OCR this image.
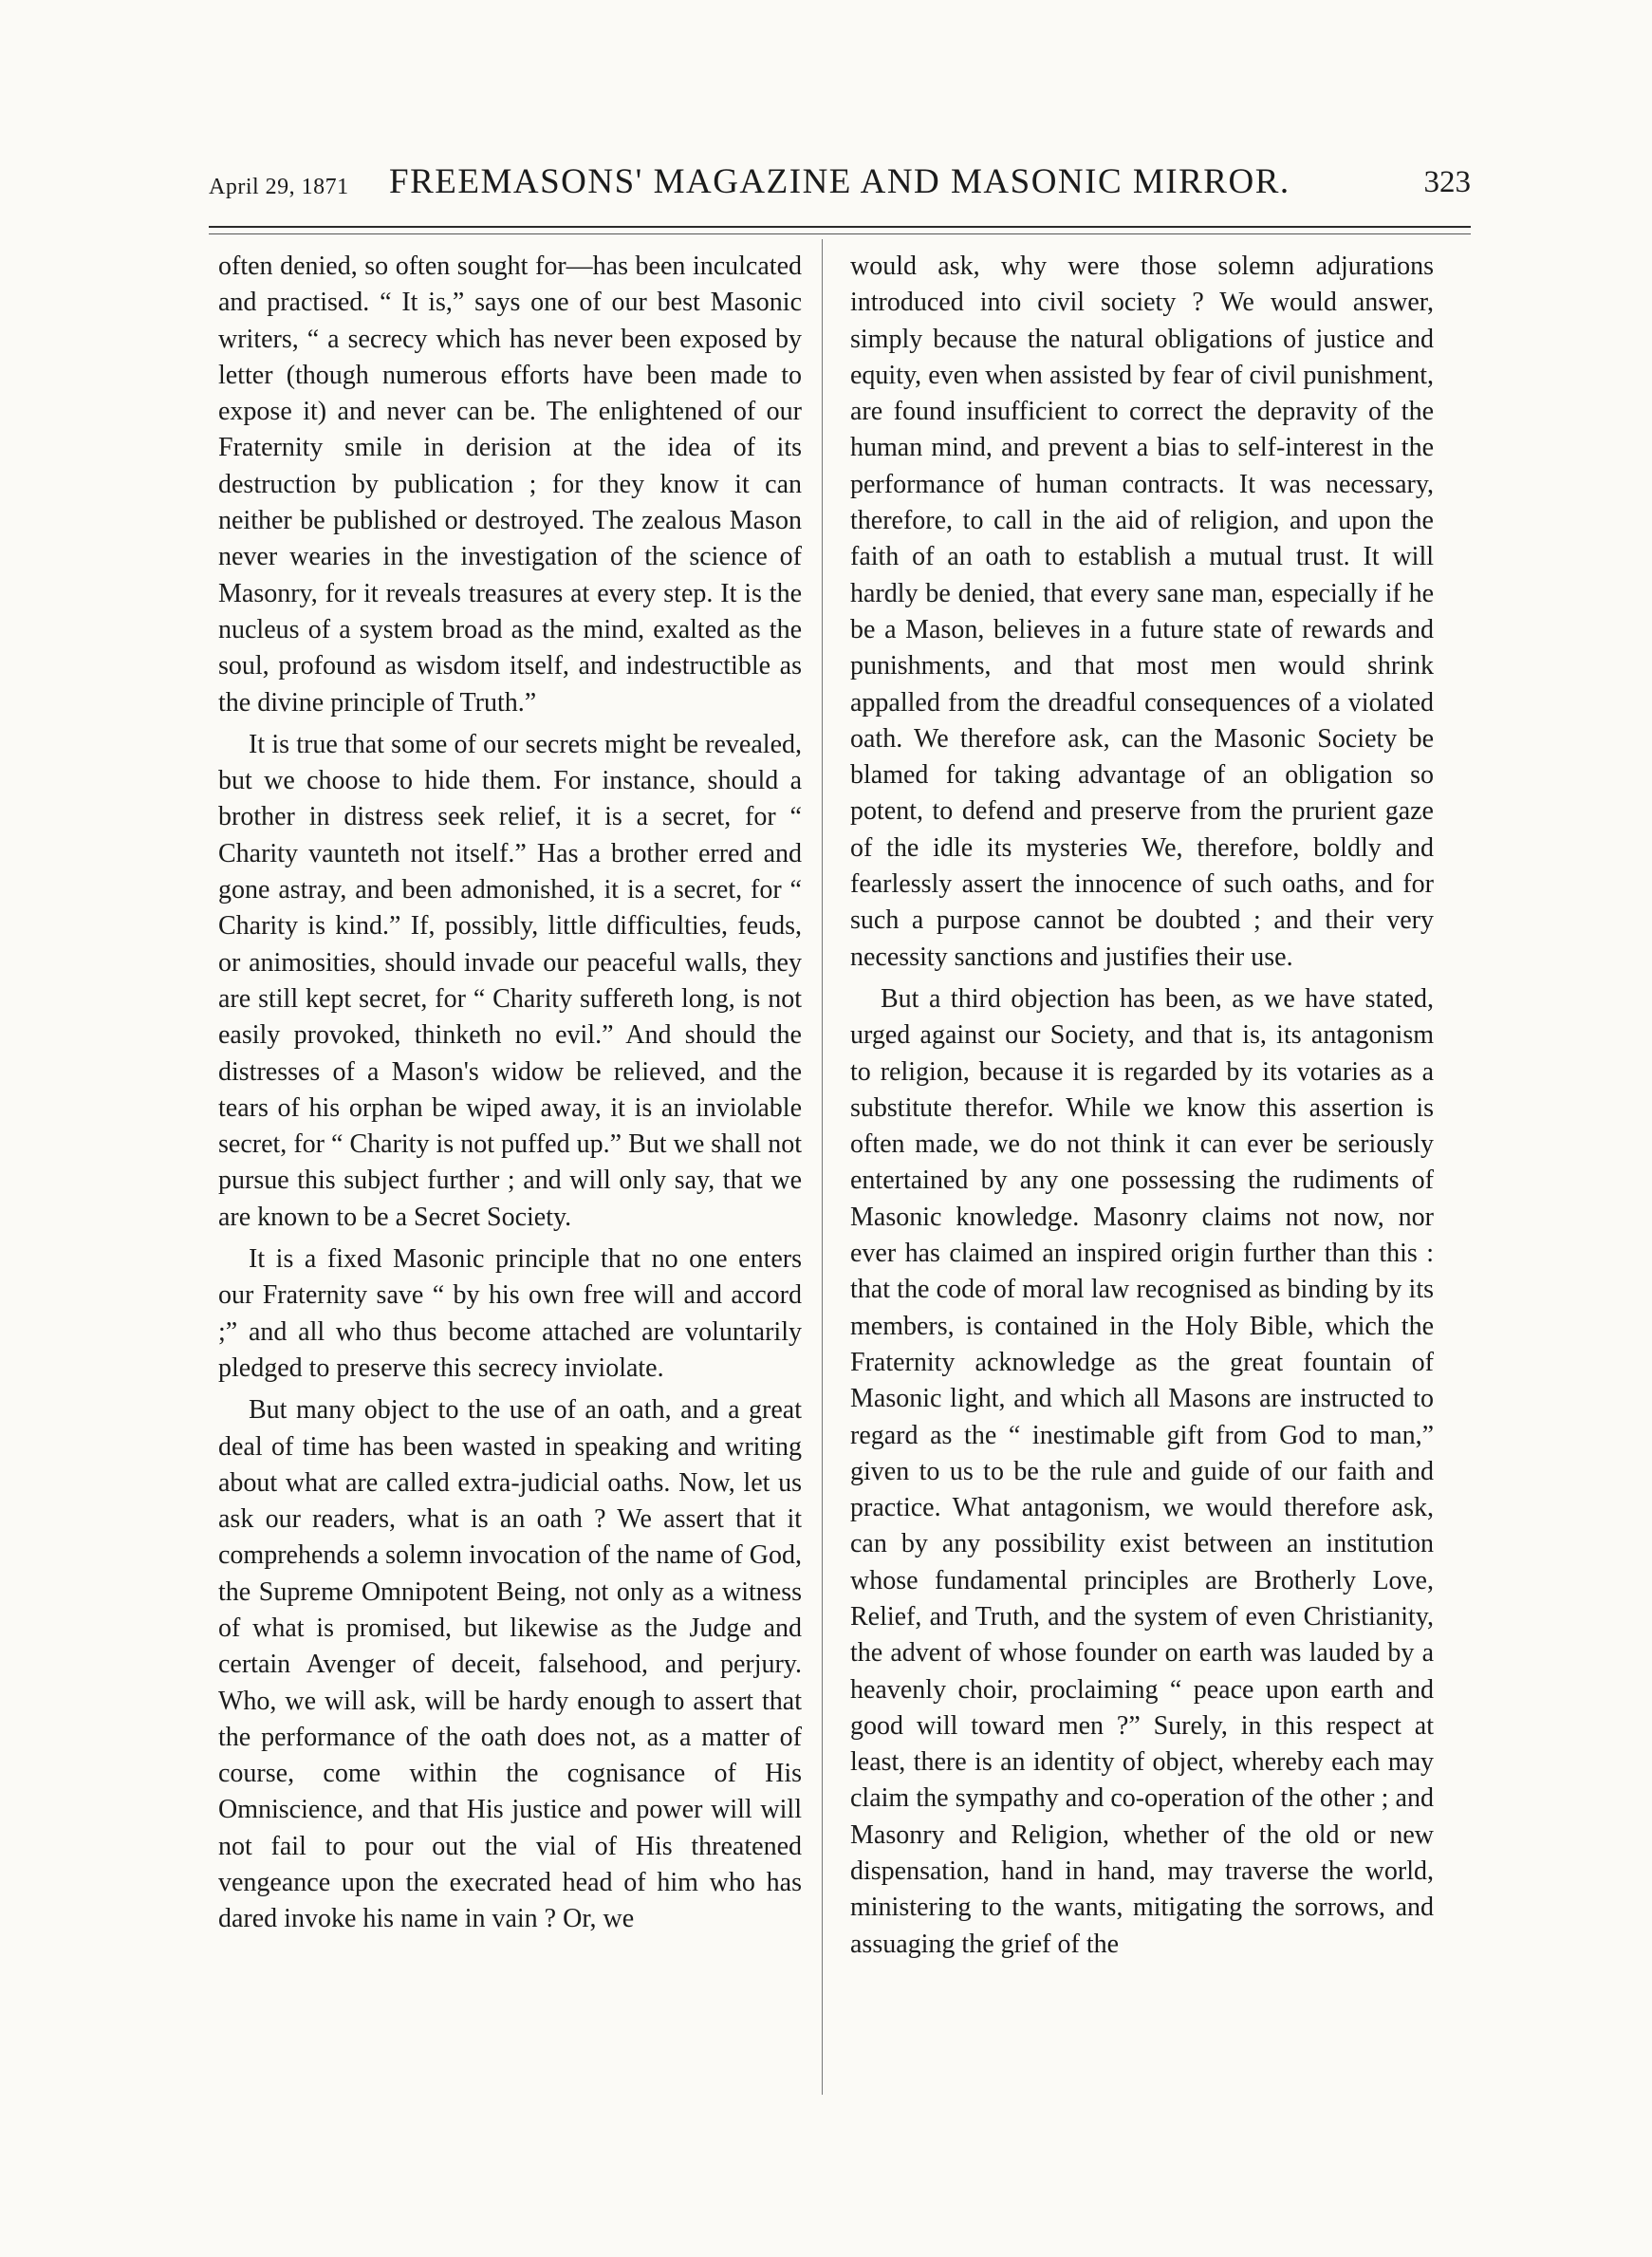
April 29, 1871 FREEMASONS' MAGAZINE AND MASONIC MIRROR.	323

often denied, so often sought for—has been inculcated and practised. “ It is,” says one of our best Masonic writers, “ a secrecy which has never been exposed by letter (though numerous efforts have been made to expose it) and never can be. The enlightened of our Fraternity smile in derision at the idea of its destruction by publication ; for they know it can neither be published or destroyed. The zealous Mason never wearies in the investigation of the science of Masonry, for it reveals treasures at every step. It is the nucleus of a system broad as the mind, exalted as the soul, profound as wisdom itself, and indestructible as the divine principle of Truth.”

It is true that some of our secrets might be revealed, but we choose to hide them. For instance, should a brother in distress seek relief, it is a secret, for “ Charity vaunteth not itself.” Has a brother erred and gone astray, and been admonished, it is a secret, for “ Charity is kind.” If, possibly, little difficulties, feuds, or animosities, should invade our peaceful walls, they are still kept secret, for “ Charity suffereth long, is not easily provoked, thinketh no evil.” And should the distresses of a Mason's widow be relieved, and the tears of his orphan be wiped away, it is an inviolable secret, for “ Charity is not puffed up.” But we shall not pursue this subject further ; and will only say, that we are known to be a Secret Society.

It is a fixed Masonic principle that no one enters our Fraternity save “ by his own free will and accord ;” and all who thus become attached are voluntarily pledged to preserve this secrecy inviolate.

But many object to the use of an oath, and a great deal of time has been wasted in speaking and writing about what are called extra-judicial oaths. Now, let us ask our readers, what is an oath ? We assert that it comprehends a solemn invocation of the name of God, the Supreme Omnipotent Being, not only as a witness of what is promised, but likewise as the Judge and certain Avenger of deceit, falsehood, and perjury. Who, we will ask, will be hardy enough to assert that the performance of the oath does not, as a matter of course, come within the cognisance of His Omniscience, and that His justice and power will will not fail to pour out the vial of His threatened vengeance upon the execrated head of him who has dared invoke his name in vain ? Or, we

would ask, why were those solemn adjurations introduced into civil society ? We would answer, simply because the natural obligations of justice and equity, even when assisted by fear of civil punishment, are found insufficient to correct the depravity of the human mind, and prevent a bias to self-interest in the performance of human contracts. It was necessary, therefore, to call in the aid of religion, and upon the faith of an oath to establish a mutual trust. It will hardly be denied, that every sane man, especially if he be a Mason, believes in a future state of rewards and punishments, and that most men would shrink appalled from the dreadful consequences of a violated oath. We therefore ask, can the Masonic Society be blamed for taking advantage of an obligation so potent, to defend and preserve from the prurient gaze of the idle its mysteries We, therefore, boldly and fearlessly assert the innocence of such oaths, and for such a purpose cannot be doubted ; and their very necessity sanctions and justifies their use.

But a third objection has been, as we have stated, urged against our Society, and that is, its antagonism to religion, because it is regarded by its votaries as a substitute therefor. While we know this assertion is often made, we do not think it can ever be seriously entertained by any one possessing the rudiments of Masonic knowledge. Masonry claims not now, nor ever has claimed an inspired origin further than this : that the code of moral law recognised as binding by its members, is contained in the Holy Bible, which the Fraternity acknowledge as the great fountain of Masonic light, and which all Masons are instructed to regard as the “ inestimable gift from God to man,” given to us to be the rule and guide of our faith and practice. What antagonism, we would therefore ask, can by any possibility exist between an institution whose fundamental principles are Brotherly Love, Relief, and Truth, and the system of even Christianity, the advent of whose founder on earth was lauded by a heavenly choir, proclaiming “ peace upon earth and good will toward men ?” Surely, in this respect at least, there is an identity of object, whereby each may claim the sympathy and co-operation of the other ; and Masonry and Religion, whether of the old or new dispensation, hand in hand, may traverse the world, ministering to the wants, mitigating the sorrows, and assuaging the grief of the
